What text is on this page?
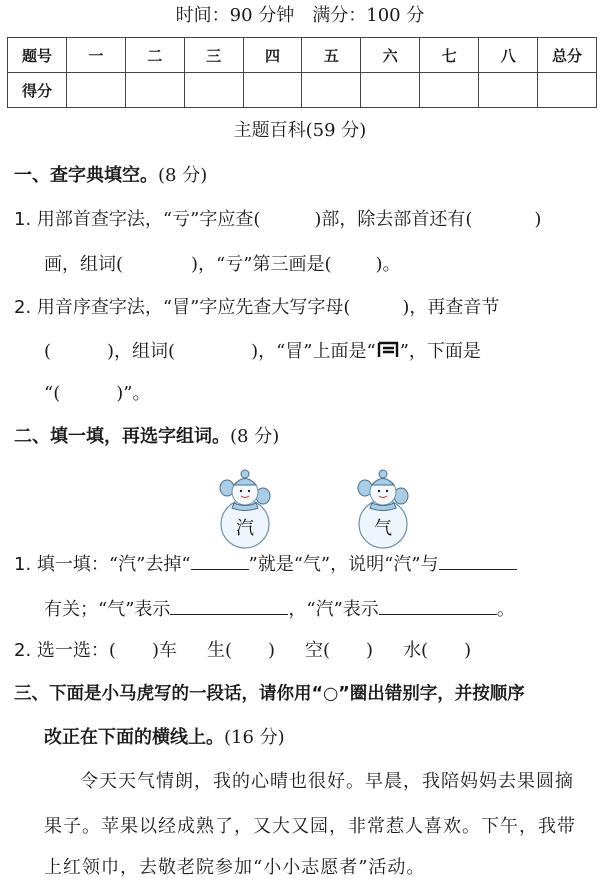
时间：90 分钟 满分：100 分
题号	一	二	三	四	五	六	七	八	总分
得分									
主题百科(59 分)
一、查字典填空。(8 分)
1. 用部首查字法，“亏”字应查(	)部，除去部首还有(	)
画，组词(	)，“亏”第三画是( )。
2. 用音序查字法，“冒”字应先查大写字母(	)，再查音节
(	)，组词(	)，“冒”上面是“ ”，下面是
“(	)”。
二、填一填，再选字组词。(8 分)
汽	气
1. 填一填：“汽”去掉“	”就是“气”，说明“汽”与
有关；“气”表示	，“汽”表示	。
2. 选一选：(　　)车 生(　　) 空(　　) 水(　　)
三、下面是小马虎写的一段话，请你用“○”圈出错别字，并按顺序
改正在下面的横线上。(16 分)
令天天气情朗，我的心晴也很好。早晨，我陪妈妈去果圆摘
果子。苹果以经成熟了，又大又园，非常惹人喜欢。下午，我带
上红领巾，去敬老院参加“小小志愿者”活动。
